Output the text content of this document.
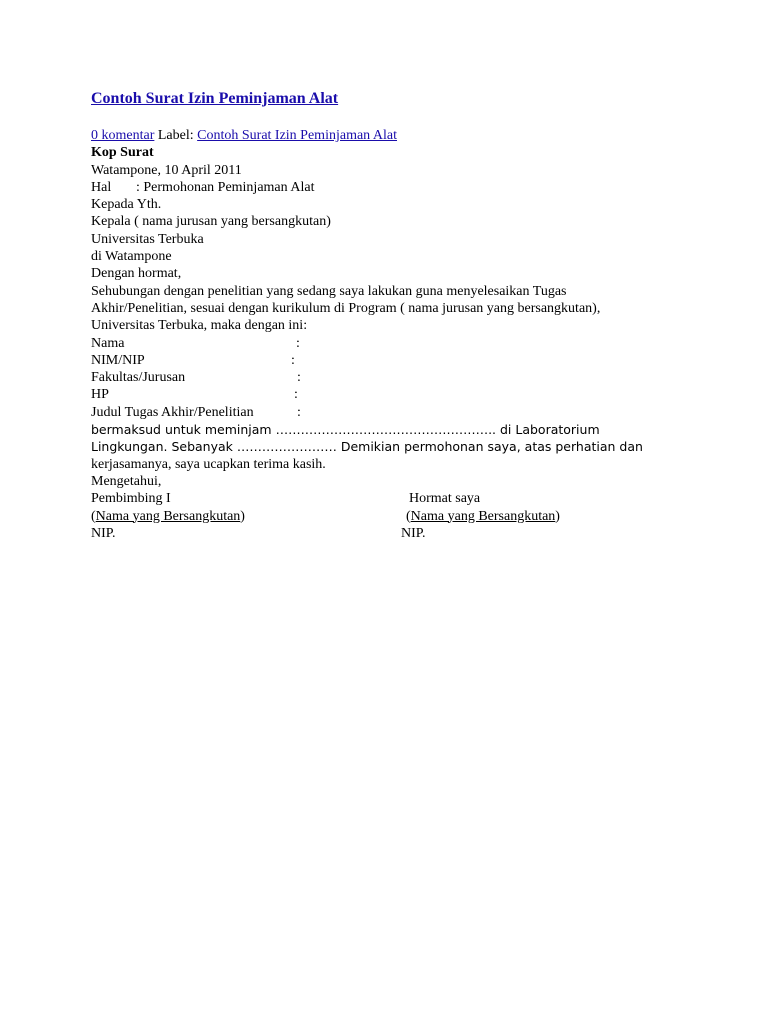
Contoh Surat Izin Peminjaman Alat
0 komentar Label: Contoh Surat Izin Peminjaman Alat
Kop Surat
Watampone, 10 April 2011
Hal : Permohonan Peminjaman Alat
Kepada Yth.
Kepala ( nama jurusan yang bersangkutan)
Universitas Terbuka
di Watampone
Dengan hormat,
Sehubungan dengan penelitian yang sedang saya lakukan guna menyelesaikan Tugas
Akhir/Penelitian, sesuai dengan kurikulum di Program ( nama jurusan yang bersangkutan),
Universitas Terbuka, maka dengan ini:
Nama	:
NIM/NIP	:
Fakultas/Jurusan	:
HP	:
Judul Tugas Akhir/Penelitian	:
bermaksud untuk meminjam …………………………………………….. di Laboratorium
Lingkungan. Sebanyak …………………… Demikian permohonan saya, atas perhatian dan
kerjasamanya, saya ucapkan terima kasih.
Mengetahui,
Pembimbing I	Hormat saya
(Nama yang Bersangkutan)	(Nama yang Bersangkutan)
NIP.	NIP.
